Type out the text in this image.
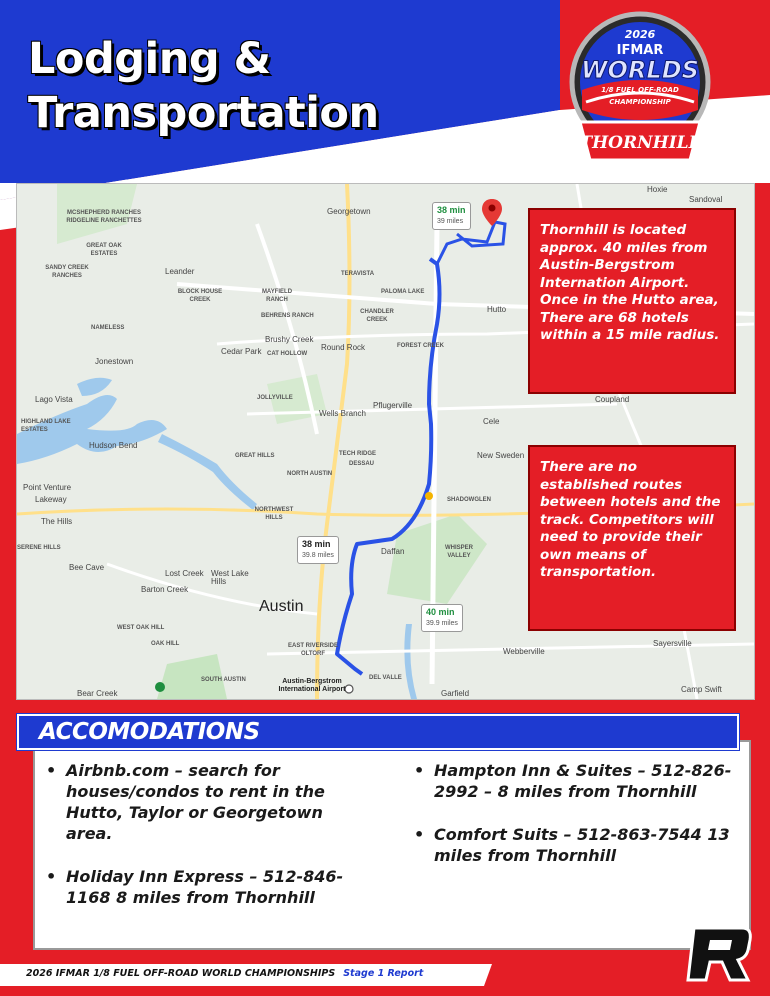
Lodging &
Transportation
2026
IFMAR
WORLDS
1/8 FUEL OFF-ROAD
CHAMPIONSHIP
THORNHILL
Georgetown
Hoxie
Sandoval
MCSHEPHERD RANCHES RIDGELINE RANCHETTES
GREAT OAK ESTATES
SANDY CREEK RANCHES	Leander
BLOCK HOUSE CREEK
TERAVISTA
MAYFIELD RANCH
PALOMA LAKE
Hutto
BEHRENS RANCH
CHANDLER CREEK
NAMELESS
Cedar Park
Brushy Creek
CAT HOLLOW
Round Rock	FOREST CREEK
Jonestown
Lago Vista	JOLLYVILLE
Wells Branch
Pflugerville
Coupland
HIGHLAND LAKE ESTATES
Hudson Bend
GREAT HILLS	TECH RIDGE
DESSAU
Cele
New Sweden
NORTH AUSTIN
Point Venture
Lakeway
NORTHWEST HILLS
SHADOWGLEN
The Hills
SERENE HILLS	Daffan	WHISPER VALLEY
Bee Cave
Lost Creek West Lake Hills
Barton Creek
Austin
WEST OAK HILL
OAK HILL	EAST RIVERSIDE OLTORF	Webberville
Sayersville
SOUTH AUSTIN	DEL VALLE
Garfield
Bear Creek	Camp Swift
Austin-Bergstrom International Airport
38 min
39 miles
38 min
39.8 miles
40 min
39.9 miles
Thornhill is located approx. 40 miles from Austin-Bergstrom Internation Airport. Once in the Hutto area, There are 68 hotels within a 15 mile radius.
There are no established routes between hotels and the track. Competitors will need to provide their own means of transportation.
ACCOMODATIONS
• Airbnb.com – search for houses/condos to rent in the Hutto, Taylor or Georgetown area.
• Holiday Inn Express – 512-846-1168 8 miles from Thornhill
• Hampton Inn & Suites – 512-826-2992 – 8 miles from Thornhill
• Comfort Suits – 512-863-7544 13 miles from Thornhill
2026 IFMAR 1/8 FUEL OFF-ROAD WORLD CHAMPIONSHIPS Stage 1 Report
